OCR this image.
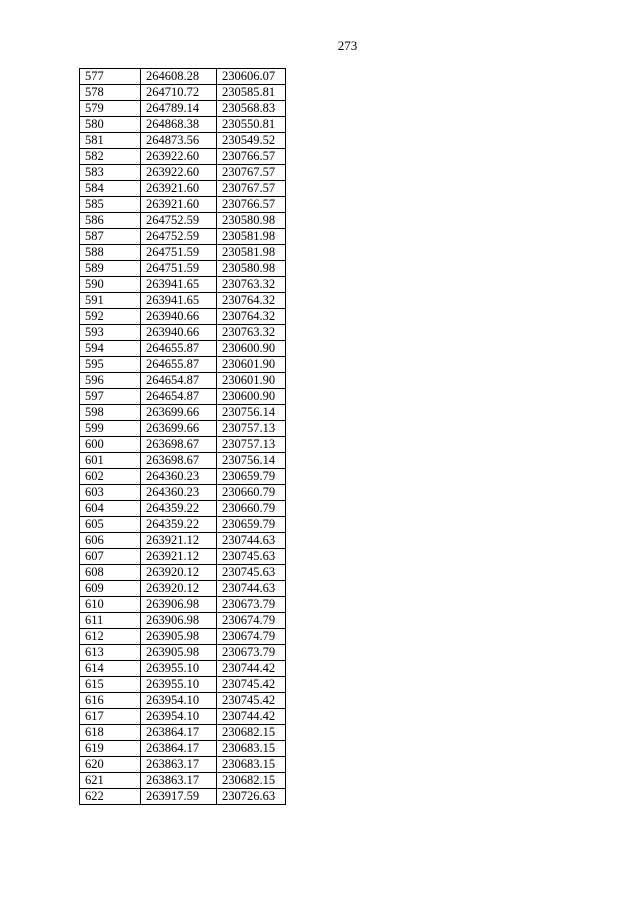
273
577	264608.28	230606.07
578	264710.72	230585.81
579	264789.14	230568.83
580	264868.38	230550.81
581	264873.56	230549.52
582	263922.60	230766.57
583	263922.60	230767.57
584	263921.60	230767.57
585	263921.60	230766.57
586	264752.59	230580.98
587	264752.59	230581.98
588	264751.59	230581.98
589	264751.59	230580.98
590	263941.65	230763.32
591	263941.65	230764.32
592	263940.66	230764.32
593	263940.66	230763.32
594	264655.87	230600.90
595	264655.87	230601.90
596	264654.87	230601.90
597	264654.87	230600.90
598	263699.66	230756.14
599	263699.66	230757.13
600	263698.67	230757.13
601	263698.67	230756.14
602	264360.23	230659.79
603	264360.23	230660.79
604	264359.22	230660.79
605	264359.22	230659.79
606	263921.12	230744.63
607	263921.12	230745.63
608	263920.12	230745.63
609	263920.12	230744.63
610	263906.98	230673.79
611	263906.98	230674.79
612	263905.98	230674.79
613	263905.98	230673.79
614	263955.10	230744.42
615	263955.10	230745.42
616	263954.10	230745.42
617	263954.10	230744.42
618	263864.17	230682.15
619	263864.17	230683.15
620	263863.17	230683.15
621	263863.17	230682.15
622	263917.59	230726.63
